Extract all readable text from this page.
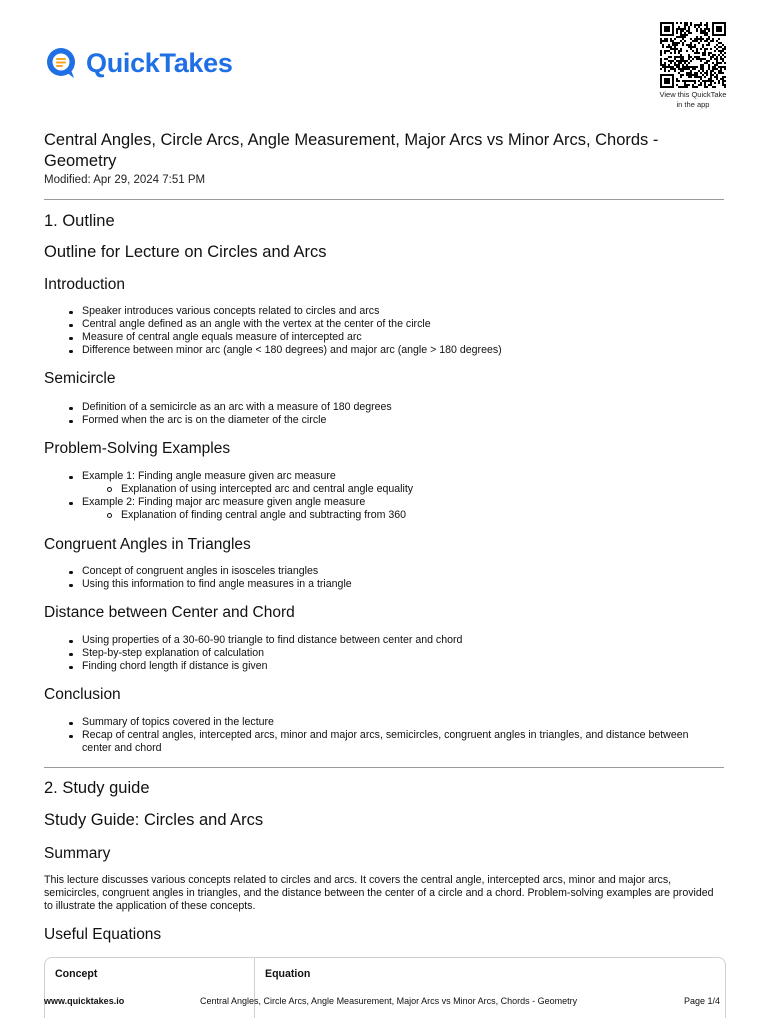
QuickTakes
View this QuickTake
in the app
Central Angles, Circle Arcs, Angle Measurement, Major Arcs vs Minor Arcs, Chords - Geometry
Modified: Apr 29, 2024 7:51 PM
1. Outline
Outline for Lecture on Circles and Arcs
Introduction
Speaker introduces various concepts related to circles and arcs
Central angle defined as an angle with the vertex at the center of the circle
Measure of central angle equals measure of intercepted arc
Difference between minor arc (angle < 180 degrees) and major arc (angle > 180 degrees)
Semicircle
Definition of a semicircle as an arc with a measure of 180 degrees
Formed when the arc is on the diameter of the circle
Problem-Solving Examples
Example 1: Finding angle measure given arc measure
Explanation of using intercepted arc and central angle equality
Example 2: Finding major arc measure given angle measure
Explanation of finding central angle and subtracting from 360
Congruent Angles in Triangles
Concept of congruent angles in isosceles triangles
Using this information to find angle measures in a triangle
Distance between Center and Chord
Using properties of a 30-60-90 triangle to find distance between center and chord
Step-by-step explanation of calculation
Finding chord length if distance is given
Conclusion
Summary of topics covered in the lecture
Recap of central angles, intercepted arcs, minor and major arcs, semicircles, congruent angles in triangles, and distance between center and chord
2. Study guide
Study Guide: Circles and Arcs
Summary
This lecture discusses various concepts related to circles and arcs. It covers the central angle, intercepted arcs, minor and major arcs, semicircles, congruent angles in triangles, and the distance between the center of a circle and a chord. Problem-solving examples are provided to illustrate the application of these concepts.
Useful Equations
Concept	Equation
www.quicktakes.io	Central Angles, Circle Arcs, Angle Measurement, Major Arcs vs Minor Arcs, Chords - Geometry	Page 1/4
